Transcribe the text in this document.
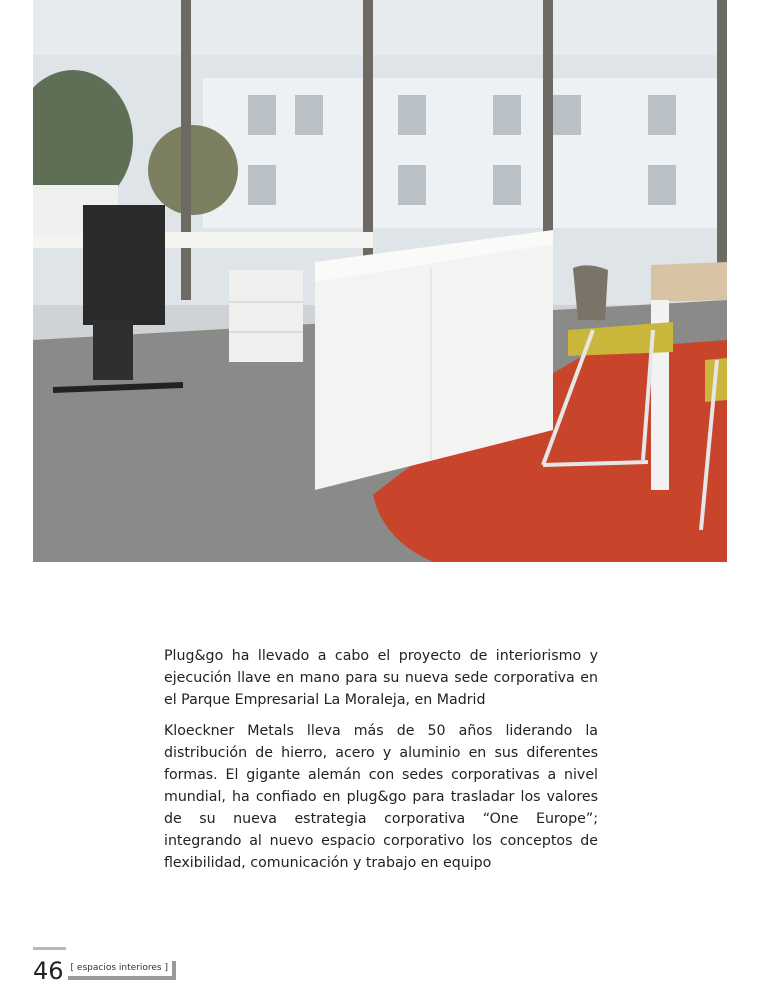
Plug&go ha llevado a cabo el proyecto de interiorismo y ejecución llave en mano para su nueva sede corporativa en el Parque Empresarial La Moraleja, en Madrid

Kloeckner Metals lleva más de 50 años liderando la distribución de hierro, acero y aluminio en sus diferentes formas. El gigante alemán con sedes corporativas a nivel mundial, ha confiado en plug&go para trasladar los valores de su nueva estrategia corporativa “One Europe”; integrando al nuevo espacio corporativo los conceptos de flexibilidad, comunicación y trabajo en equipo

46 [ espacios interiores ]
